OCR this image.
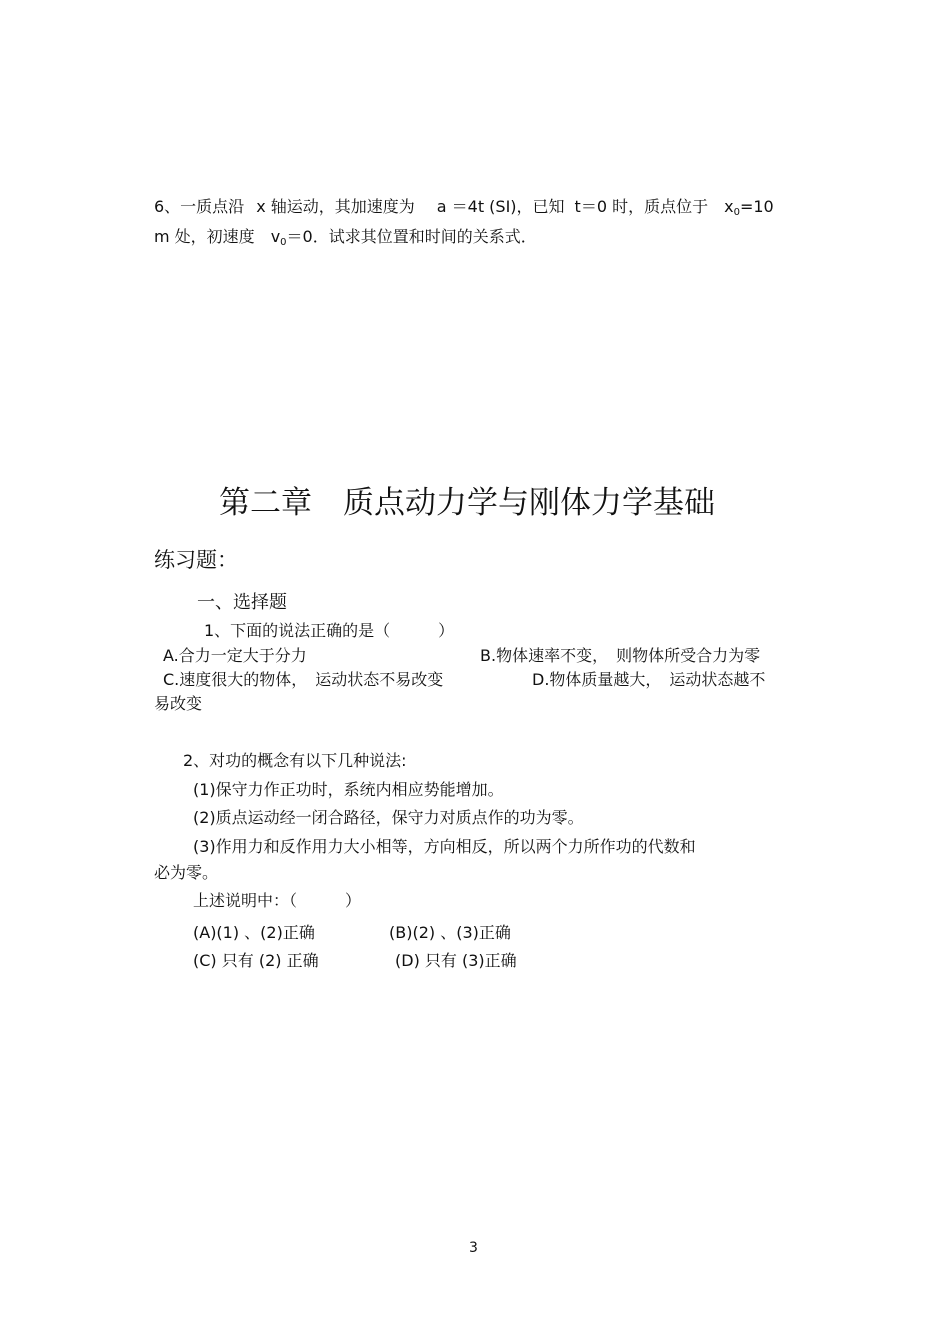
6、一质点沿 x 轴运动，其加速度为 a ＝4t (SI)，已知 t＝0 时，质点位于 x0=10
m 处，初速度 v0＝0．试求其位置和时间的关系式．
第二章　质点动力学与刚体力学基础
练习题：
一、选择题
1、下面的说法正确的是（　　　）
A.合力一定大于分力	B.物体速率不变， 则物体所受合力为零
C.速度很大的物体， 运动状态不易改变	D.物体质量越大， 运动状态越不
易改变
2、对功的概念有以下几种说法:
(1)保守力作正功时，系统内相应势能增加。
(2)质点运动经一闭合路径，保守力对质点作的功为零。
(3)作用力和反作用力大小相等，方向相反，所以两个力所作功的代数和
必为零。
上述说明中：（　　　）
(A)(1) 、(2)正确	(B)(2) 、(3)正确
(C) 只有 (2) 正确	(D) 只有 (3)正确
3
